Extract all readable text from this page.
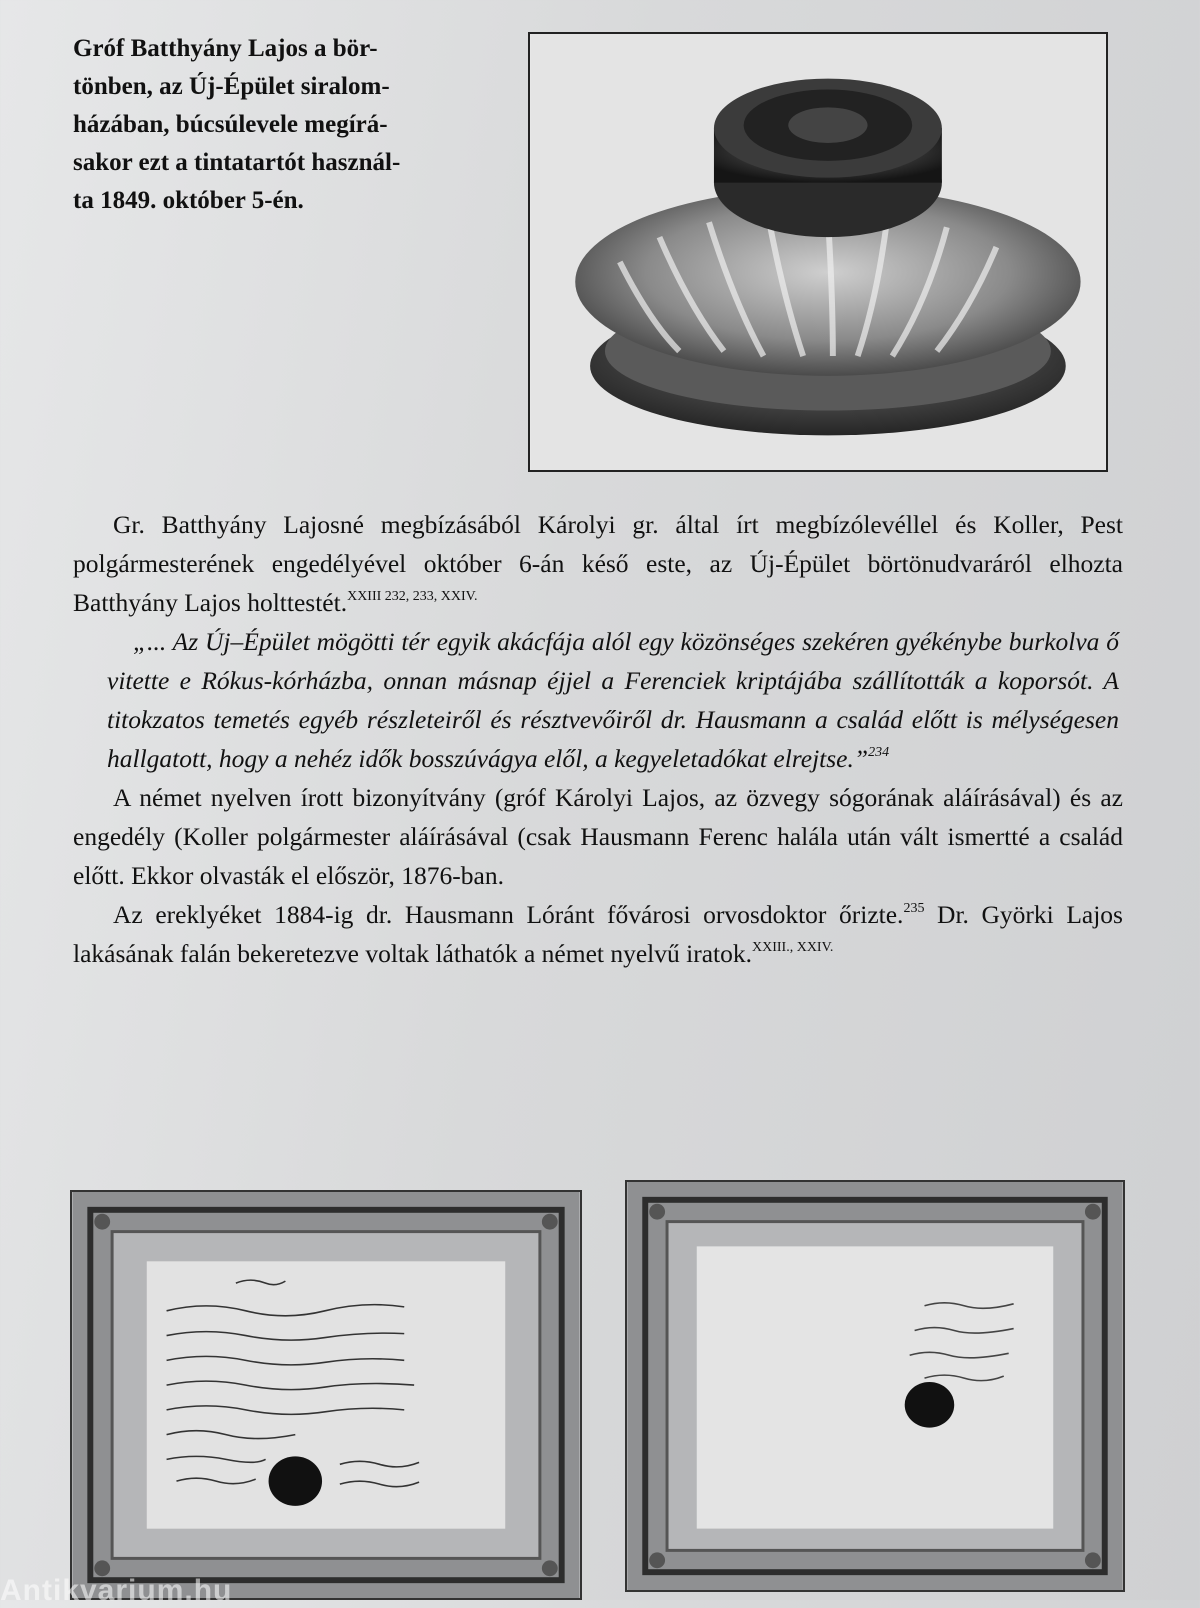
Gróf Batthyány Lajos a bör-
tönben, az Új-Épület siralom-
házában, búcsúlevele megírá-
sakor ezt a tintatartót használ-
ta 1849. október 5-én.

Gr. Batthyány Lajosné megbízásából Károlyi gr. által írt megbízólevéllel és Koller, Pest polgármesterének engedélyével október 6-án késő este, az Új-Épület börtönudvaráról elhozta Batthyány Lajos holttestét.$^{XXIII 232, 233, XXIV.}$

„... Az Új–Épület mögötti tér egyik akácfája alól egy közönséges szekéren gyékénybe burkolva ő vitette e Rókus-kórházba, onnan másnap éjjel a Ferenciek kriptájába szállították a koporsót. A titokzatos temetés egyéb részleteiről és résztvevőiről dr. Hausmann a család előtt is mélységesen hallgatott, hogy a nehéz idők bosszúvágya elől, a kegyeletadókat elrejtse.”$^{234}$

A német nyelven írott bizonyítvány (gróf Károlyi Lajos, az özvegy sógorának aláírásával) és az engedély (Koller polgármester aláírásával (csak Hausmann Ferenc halála után vált ismertté a család előtt. Ekkor olvasták el először, 1876-ban.

Az ereklyéket 1884-ig dr. Hausmann Lóránt fővárosi orvosdoktor őrizte.$^{235}$ Dr. Györki Lajos lakásának falán bekeretezve voltak láthatók a német nyelvű iratok.$^{XXIII., XXIV.}$

Antikvarium.hu
